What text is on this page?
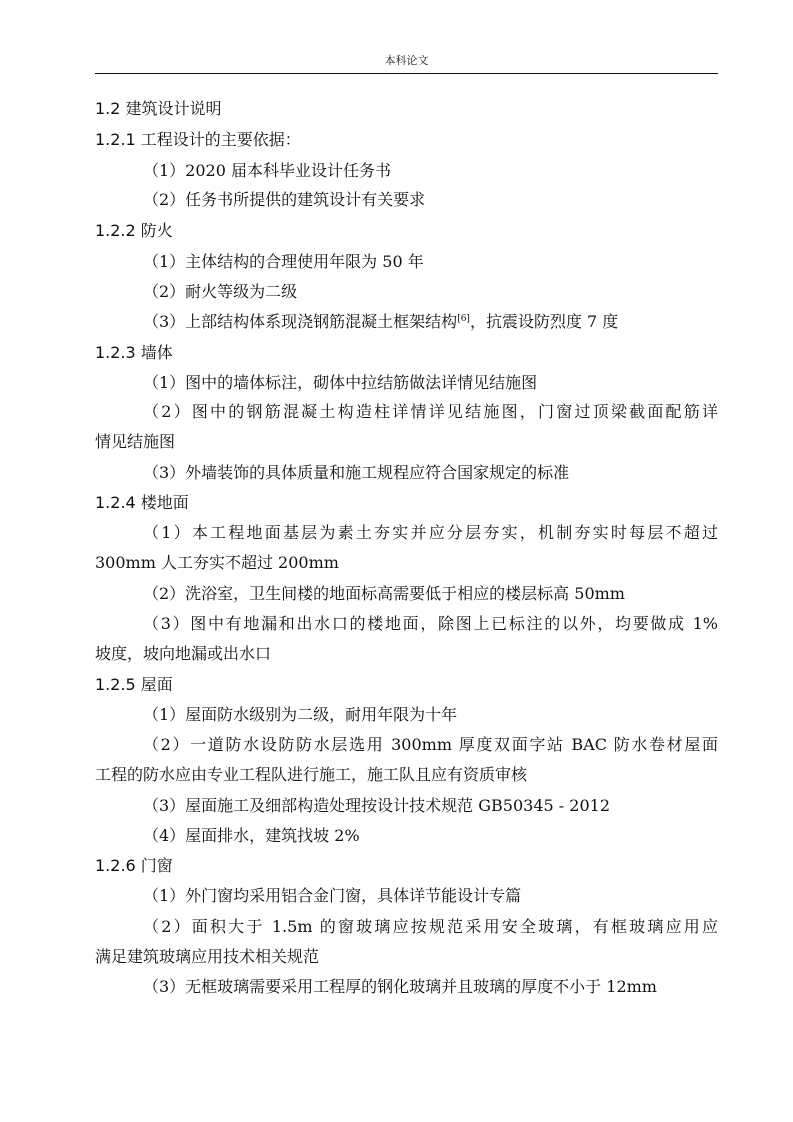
本科论文
1.2 建筑设计说明
1.2.1 工程设计的主要依据：
（1）2020 届本科毕业设计任务书
（2）任务书所提供的建筑设计有关要求
1.2.2 防火
（1）主体结构的合理使用年限为 50 年
（2）耐火等级为二级
（3）上部结构体系现浇钢筋混凝土框架结构[6]，抗震设防烈度 7 度
1.2.3 墙体
（1）图中的墙体标注，砌体中拉结筋做法详情见结施图
（2）图中的钢筋混凝土构造柱详情详见结施图，门窗过顶梁截面配筋详
情见结施图
（3）外墙装饰的具体质量和施工规程应符合国家规定的标准
1.2.4 楼地面
（1）本工程地面基层为素土夯实并应分层夯实，机制夯实时每层不超过
300mm 人工夯实不超过 200mm
（2）洗浴室，卫生间楼的地面标高需要低于相应的楼层标高 50mm
（3）图中有地漏和出水口的楼地面，除图上已标注的以外，均要做成 1%
坡度，坡向地漏或出水口
1.2.5 屋面
（1）屋面防水级别为二级，耐用年限为十年
（2）一道防水设防防水层选用 300mm 厚度双面字站 BAC 防水卷材屋面
工程的防水应由专业工程队进行施工，施工队且应有资质审核
（3）屋面施工及细部构造处理按设计技术规范 GB50345 - 2012
（4）屋面排水，建筑找坡 2%
1.2.6 门窗
（1）外门窗均采用铝合金门窗，具体详节能设计专篇
（2）面积大于 1.5m 的窗玻璃应按规范采用安全玻璃，有框玻璃应用应
满足建筑玻璃应用技术相关规范
（3）无框玻璃需要采用工程厚的钢化玻璃并且玻璃的厚度不小于 12mm
